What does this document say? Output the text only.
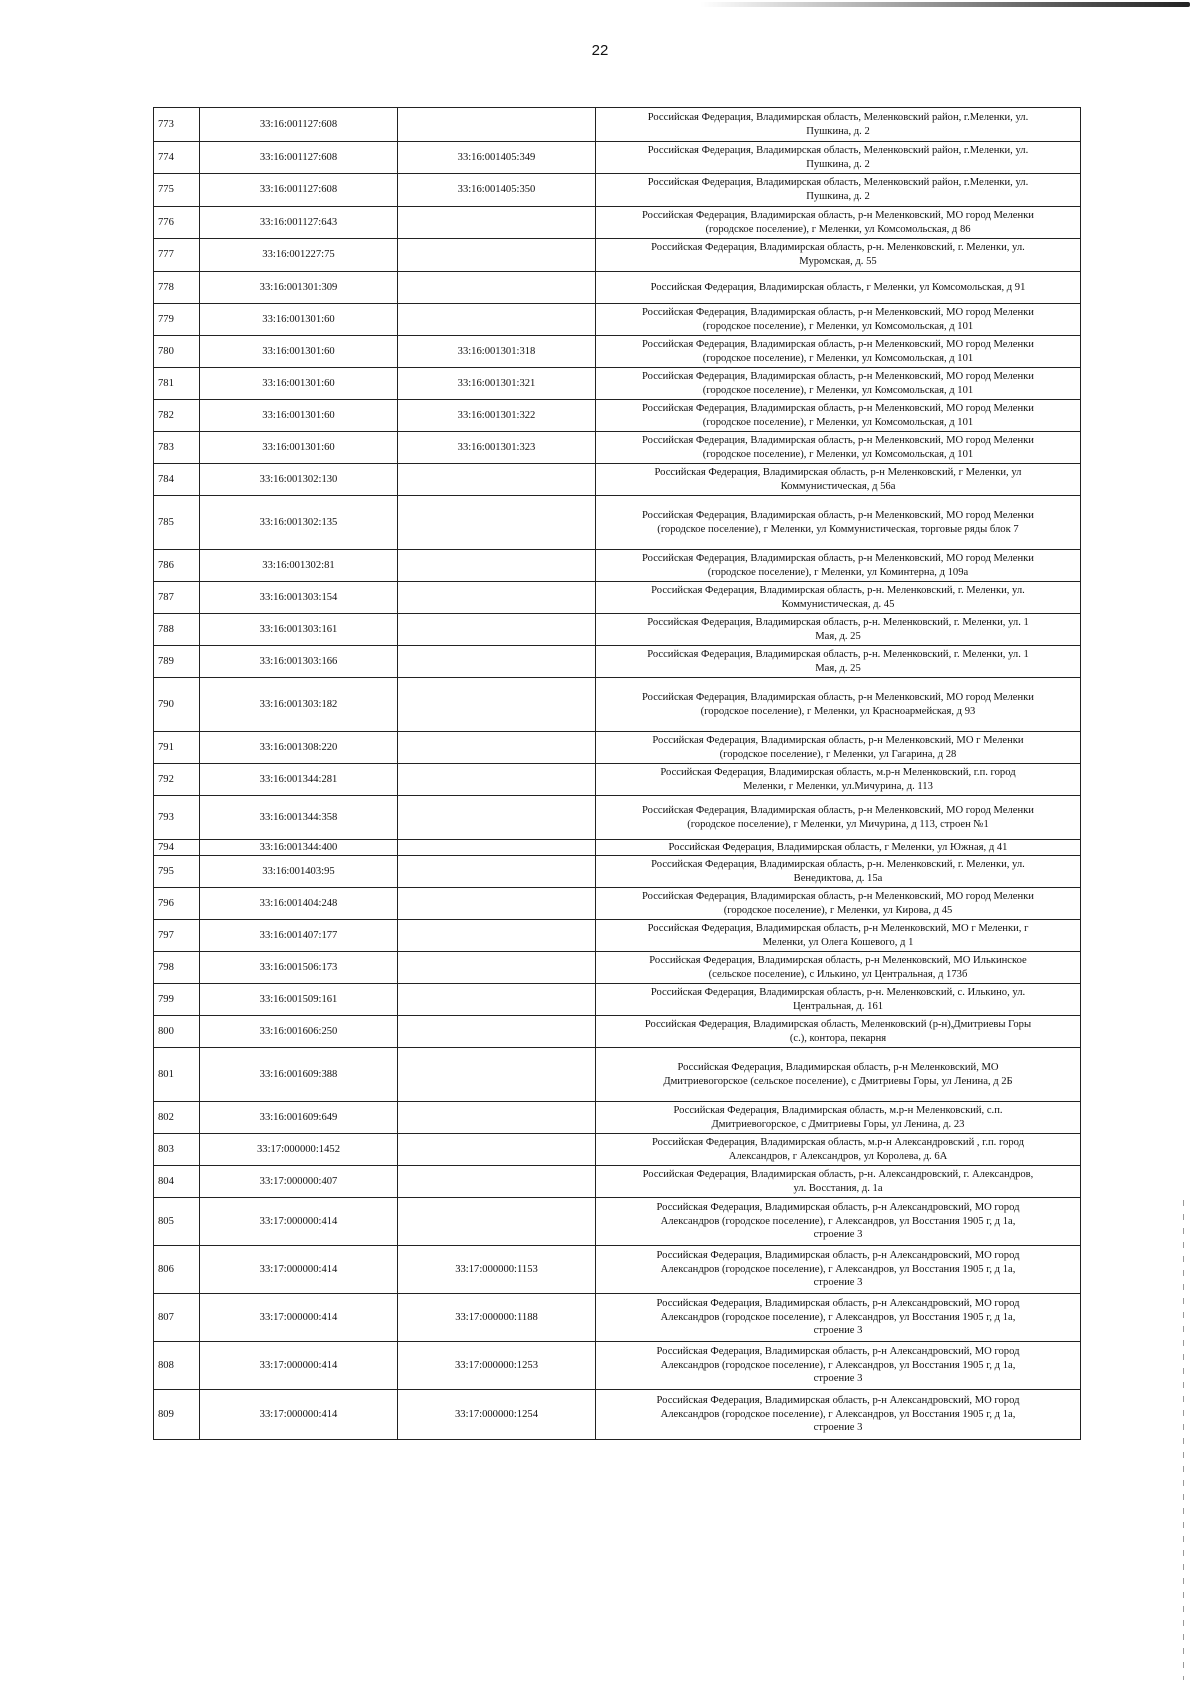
22
773	33:16:001127:608		Российская Федерация, Владимирская область, Меленковский район, г.Меленки, ул.
Пушкина, д. 2

774	33:16:001127:608	33:16:001405:349	Российская Федерация, Владимирская область, Меленковский район, г.Меленки, ул.
Пушкина, д. 2

775	33:16:001127:608	33:16:001405:350	Российская Федерация, Владимирская область, Меленковский район, г.Меленки, ул.
Пушкина, д. 2

776	33:16:001127:643		Российская Федерация, Владимирская область, р-н Меленковский, МО город Меленки
(городское поселение), г Меленки, ул Комсомольская, д 86

777	33:16:001227:75		Российская Федерация, Владимирская область, р-н. Меленковский, г. Меленки, ул.
Муромская, д. 55

778	33:16:001301:309		Российская Федерация, Владимирская область, г Меленки, ул Комсомольская, д 91

779	33:16:001301:60		Российская Федерация, Владимирская область, р-н Меленковский, МО город Меленки
(городское поселение), г Меленки, ул Комсомольская, д 101

780	33:16:001301:60	33:16:001301:318	Российская Федерация, Владимирская область, р-н Меленковский, МО город Меленки
(городское поселение), г Меленки, ул Комсомольская, д 101

781	33:16:001301:60	33:16:001301:321	Российская Федерация, Владимирская область, р-н Меленковский, МО город Меленки
(городское поселение), г Меленки, ул Комсомольская, д 101

782	33:16:001301:60	33:16:001301:322	Российская Федерация, Владимирская область, р-н Меленковский, МО город Меленки
(городское поселение), г Меленки, ул Комсомольская, д 101

783	33:16:001301:60	33:16:001301:323	Российская Федерация, Владимирская область, р-н Меленковский, МО город Меленки
(городское поселение), г Меленки, ул Комсомольская, д 101

784	33:16:001302:130		Российская Федерация, Владимирская область, р-н Меленковский, г Меленки, ул
Коммунистическая, д 56а

785	33:16:001302:135		Российская Федерация, Владимирская область, р-н Меленковский, МО город Меленки
(городское поселение), г Меленки, ул Коммунистическая, торговые ряды блок 7

786	33:16:001302:81		Российская Федерация, Владимирская область, р-н Меленковский, МО город Меленки
(городское поселение), г Меленки, ул Коминтерна, д 109а

787	33:16:001303:154		Российская Федерация, Владимирская область, р-н. Меленковский, г. Меленки, ул.
Коммунистическая, д. 45

788	33:16:001303:161		Российская Федерация, Владимирская область, р-н. Меленковский, г. Меленки, ул. 1
Мая, д. 25

789	33:16:001303:166		Российская Федерация, Владимирская область, р-н. Меленковский, г. Меленки, ул. 1
Мая, д. 25

790	33:16:001303:182		Российская Федерация, Владимирская область, р-н Меленковский, МО город Меленки
(городское поселение), г Меленки, ул Красноармейская, д 93

791	33:16:001308:220		Российская Федерация, Владимирская область, р-н Меленковский, МО г Меленки
(городское поселение), г Меленки, ул Гагарина, д 28

792	33:16:001344:281		Российская Федерация, Владимирская область, м.р-н Меленковский, г.п. город
Меленки, г Меленки, ул.Мичурина, д. 113

793	33:16:001344:358		Российская Федерация, Владимирская область, р-н Меленковский, МО город Меленки
(городское поселение), г Меленки, ул Мичурина, д 113, строен №1

794	33:16:001344:400		Российская Федерация, Владимирская область, г Меленки, ул Южная, д 41

795	33:16:001403:95		Российская Федерация, Владимирская область, р-н. Меленковский, г. Меленки, ул.
Венедиктова, д. 15а

796	33:16:001404:248		Российская Федерация, Владимирская область, р-н Меленковский, МО город Меленки
(городское поселение), г Меленки, ул Кирова, д 45

797	33:16:001407:177		Российская Федерация, Владимирская область, р-н Меленковский, МО г Меленки, г
Меленки, ул Олега Кошевого, д 1

798	33:16:001506:173		Российская Федерация, Владимирская область, р-н Меленковский, МО Илькинское
(сельское поселение), с Илькино, ул Центральная, д 173б

799	33:16:001509:161		Российская Федерация, Владимирская область, р-н. Меленковский, с. Илькино, ул.
Центральная, д. 161

800	33:16:001606:250		Российская Федерация, Владимирская область, Меленковский (р-н),Дмитриевы Горы
(с.), контора, пекарня

801	33:16:001609:388		Российская Федерация, Владимирская область, р-н Меленковский, МО
Дмитриевогорское (сельское поселение), с Дмитриевы Горы, ул Ленина, д 2Б

802	33:16:001609:649		Российская Федерация, Владимирская область, м.р-н Меленковский, с.п.
Дмитриевогорское, с Дмитриевы Горы, ул Ленина, д. 23

803	33:17:000000:1452		Российская Федерация, Владимирская область, м.р-н Александровский , г.п. город
Александров, г Александров, ул Королева, д. 6А

804	33:17:000000:407		Российская Федерация, Владимирская область, р-н. Александровский, г. Александров,
ул. Восстания, д. 1а

805	33:17:000000:414		Российская Федерация, Владимирская область, р-н Александровский, МО город
Александров (городское поселение), г Александров, ул Восстания 1905 г, д 1а,
строение 3

806	33:17:000000:414	33:17:000000:1153	Российская Федерация, Владимирская область, р-н Александровский, МО город
Александров (городское поселение), г Александров, ул Восстания 1905 г, д 1а,
строение 3

807	33:17:000000:414	33:17:000000:1188	Российская Федерация, Владимирская область, р-н Александровский, МО город
Александров (городское поселение), г Александров, ул Восстания 1905 г, д 1а,
строение 3

808	33:17:000000:414	33:17:000000:1253	Российская Федерация, Владимирская область, р-н Александровский, МО город
Александров (городское поселение), г Александров, ул Восстания 1905 г, д 1а,
строение 3

809	33:17:000000:414	33:17:000000:1254	Российская Федерация, Владимирская область, р-н Александровский, МО город
Александров (городское поселение), г Александров, ул Восстания 1905 г, д 1а,
строение 3
